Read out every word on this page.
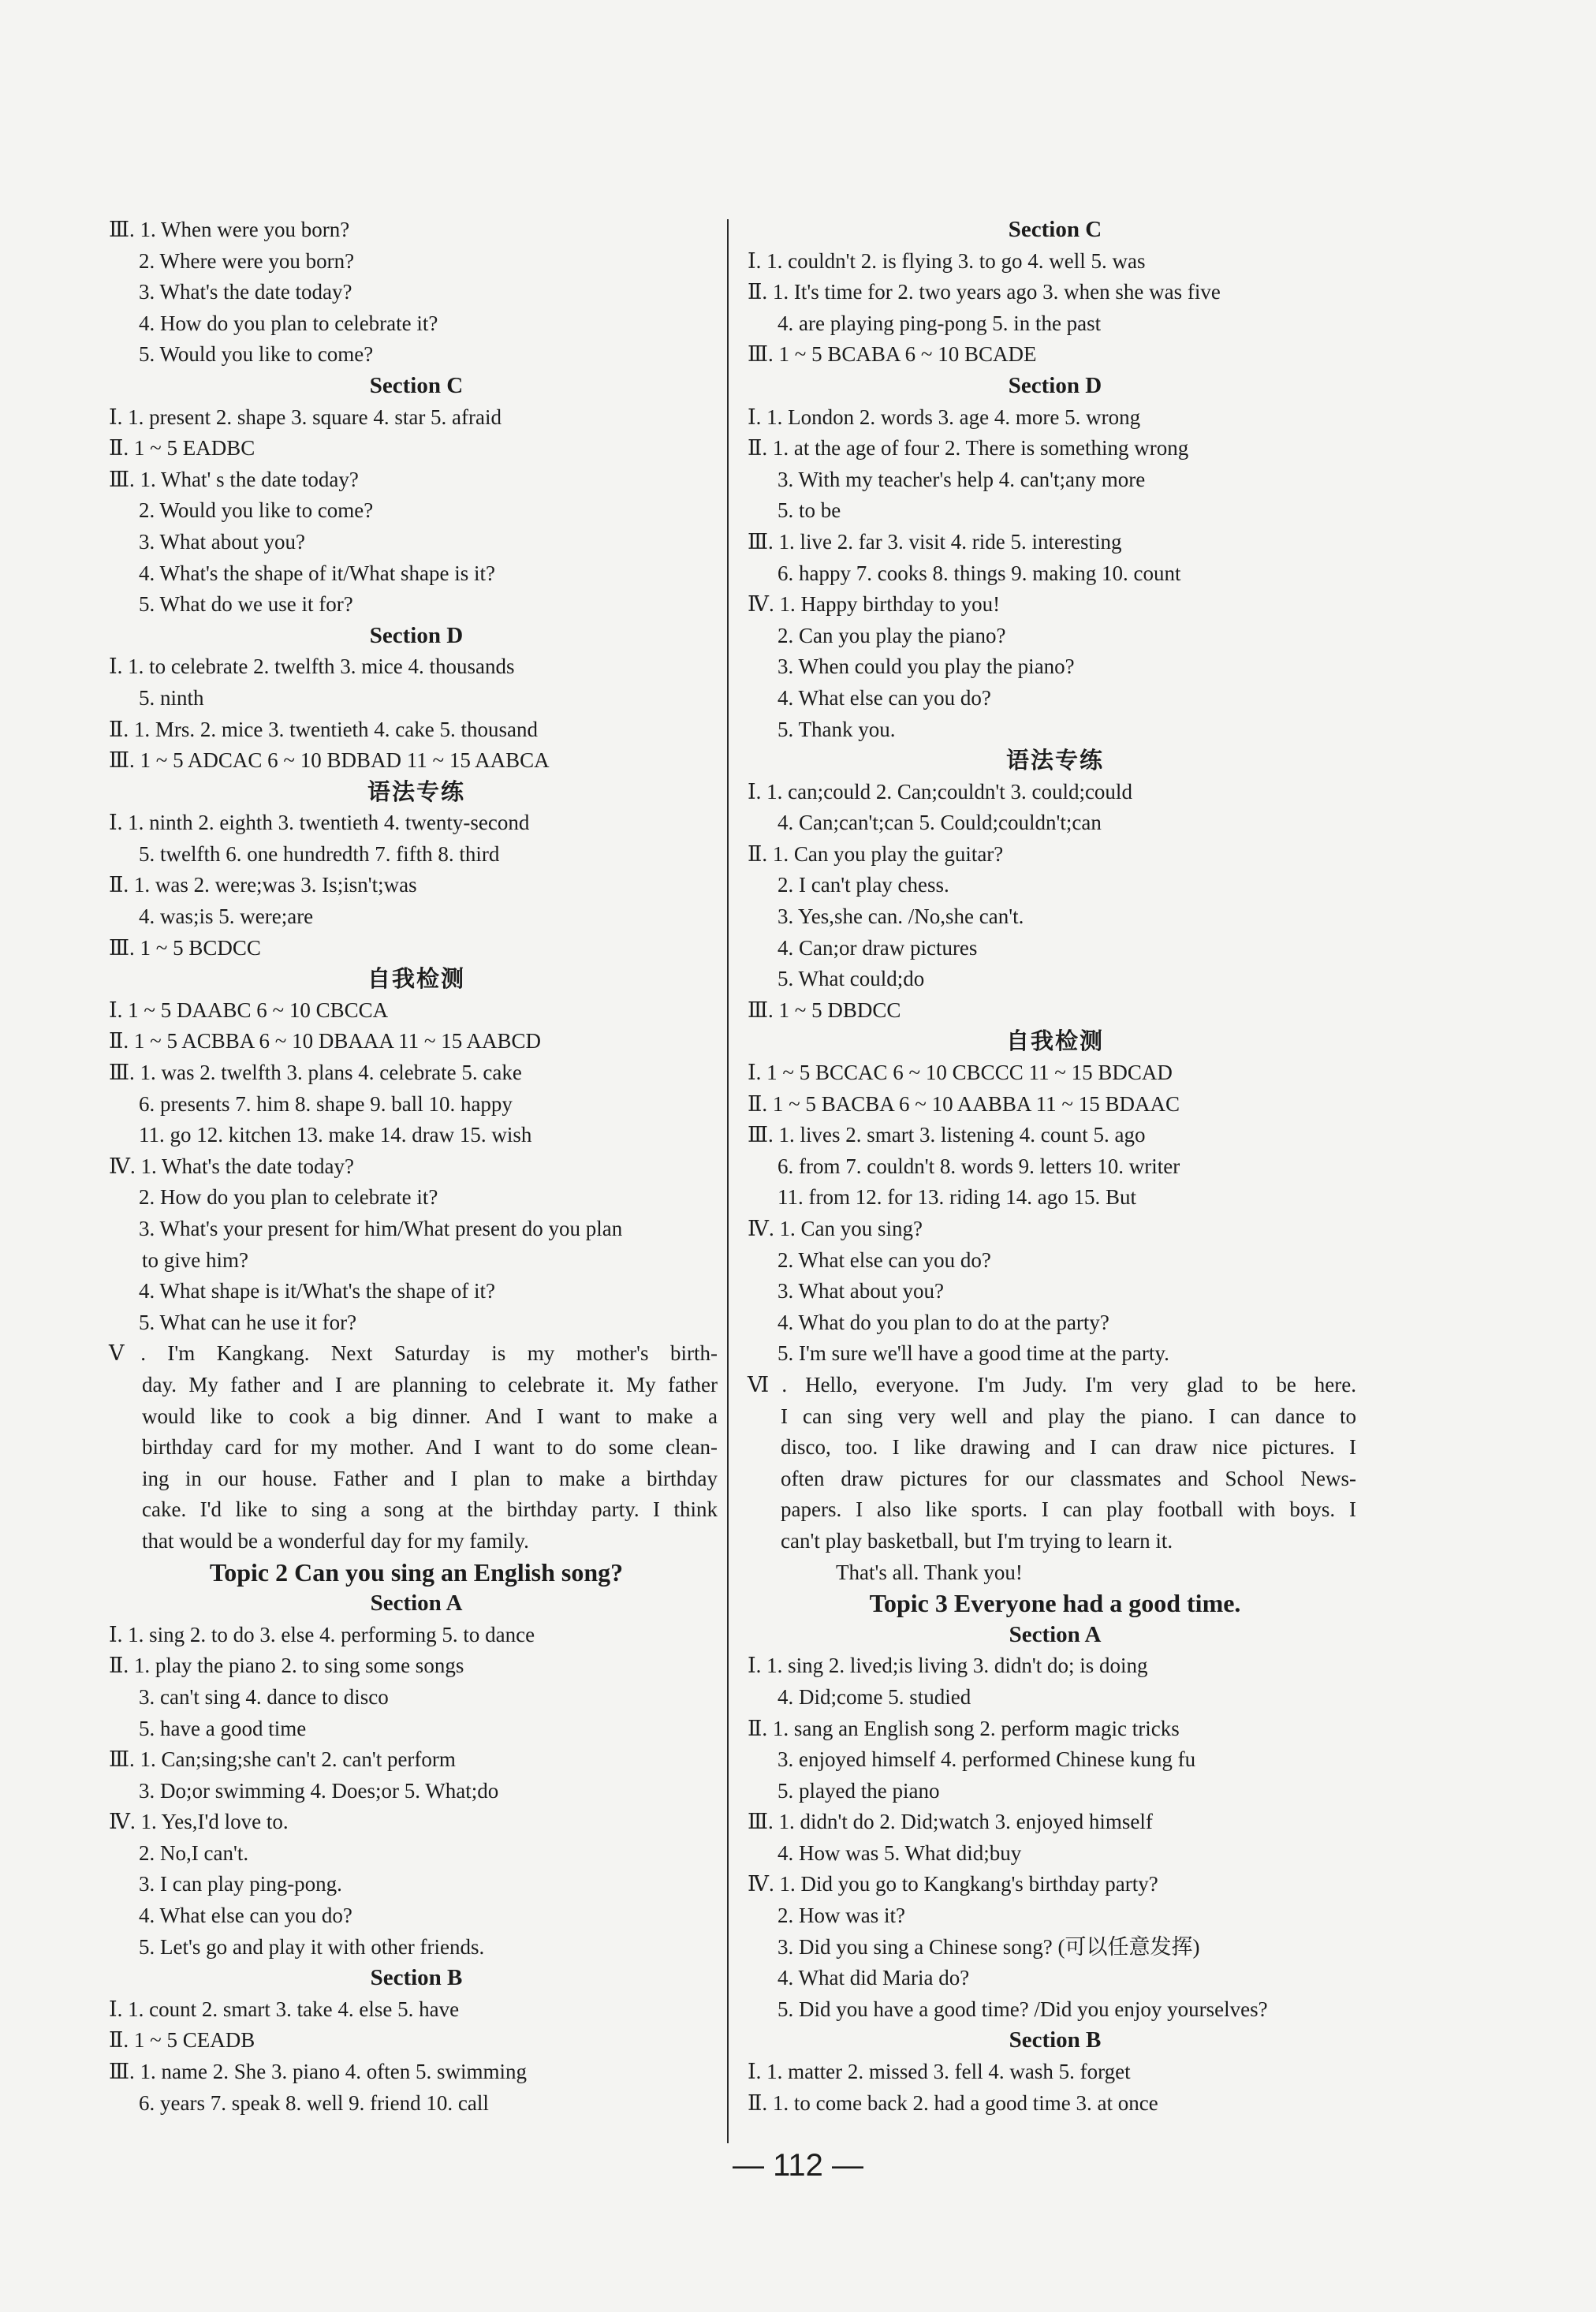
Ⅲ. 1. When were you born?
2. Where were you born?
3. What's the date today?
4. How do you plan to celebrate it?
5. Would you like to come?
Section C
Ⅰ. 1. present 2. shape 3. square 4. star 5. afraid
Ⅱ. 1 ~ 5 EADBC
Ⅲ. 1. What' s the date today?
2. Would you like to come?
3. What about you?
4. What's the shape of it/What shape is it?
5. What do we use it for?
Section D
Ⅰ. 1. to celebrate 2. twelfth 3. mice 4. thousands
5. ninth
Ⅱ. 1. Mrs. 2. mice 3. twentieth 4. cake 5. thousand
Ⅲ. 1 ~ 5 ADCAC 6 ~ 10 BDBAD 11 ~ 15 AABCA
语法专练
Ⅰ. 1. ninth 2. eighth 3. twentieth 4. twenty-second
5. twelfth 6. one hundredth 7. fifth 8. third
Ⅱ. 1. was 2. were;was 3. Is;isn't;was
4. was;is 5. were;are
Ⅲ. 1 ~ 5 BCDCC
自我检测
Ⅰ. 1 ~ 5 DAABC 6 ~ 10 CBCCA
Ⅱ. 1 ~ 5 ACBBA 6 ~ 10 DBAAA 11 ~ 15 AABCD
Ⅲ. 1. was 2. twelfth 3. plans 4. celebrate 5. cake
6. presents 7. him 8. shape 9. ball 10. happy
11. go 12. kitchen 13. make 14. draw 15. wish
Ⅳ. 1. What's the date today?
2. How do you plan to celebrate it?
3. What's your present for him/What present do you plan
to give him?
4. What shape is it/What's the shape of it?
5. What can he use it for?
Ⅴ. I'm Kangkang. Next Saturday is my mother's birth-
day. My father and I are planning to celebrate it. My father
would like to cook a big dinner. And I want to make a
birthday card for my mother. And I want to do some clean-
ing in our house. Father and I plan to make a birthday
cake. I'd like to sing a song at the birthday party. I think
that would be a wonderful day for my family.
Topic 2 Can you sing an English song?
Section A
Ⅰ. 1. sing 2. to do 3. else 4. performing 5. to dance
Ⅱ. 1. play the piano 2. to sing some songs
3. can't sing 4. dance to disco
5. have a good time
Ⅲ. 1. Can;sing;she can't 2. can't perform
3. Do;or swimming 4. Does;or 5. What;do
Ⅳ. 1. Yes,I'd love to.
2. No,I can't.
3. I can play ping-pong.
4. What else can you do?
5. Let's go and play it with other friends.
Section B
Ⅰ. 1. count 2. smart 3. take 4. else 5. have
Ⅱ. 1 ~ 5 CEADB
Ⅲ. 1. name 2. She 3. piano 4. often 5. swimming
6. years 7. speak 8. well 9. friend 10. call
Section C
Ⅰ. 1. couldn't 2. is flying 3. to go 4. well 5. was
Ⅱ. 1. It's time for 2. two years ago 3. when she was five
4. are playing ping-pong 5. in the past
Ⅲ. 1 ~ 5 BCABA 6 ~ 10 BCADE
Section D
Ⅰ. 1. London 2. words 3. age 4. more 5. wrong
Ⅱ. 1. at the age of four 2. There is something wrong
3. With my teacher's help 4. can't;any more
5. to be
Ⅲ. 1. live 2. far 3. visit 4. ride 5. interesting
6. happy 7. cooks 8. things 9. making 10. count
Ⅳ. 1. Happy birthday to you!
2. Can you play the piano?
3. When could you play the piano?
4. What else can you do?
5. Thank you.
语法专练
Ⅰ. 1. can;could 2. Can;couldn't 3. could;could
4. Can;can't;can 5. Could;couldn't;can
Ⅱ. 1. Can you play the guitar?
2. I can't play chess.
3. Yes,she can. /No,she can't.
4. Can;or draw pictures
5. What could;do
Ⅲ. 1 ~ 5 DBDCC
自我检测
Ⅰ. 1 ~ 5 BCCAC 6 ~ 10 CBCCC 11 ~ 15 BDCAD
Ⅱ. 1 ~ 5 BACBA 6 ~ 10 AABBA 11 ~ 15 BDAAC
Ⅲ. 1. lives 2. smart 3. listening 4. count 5. ago
6. from 7. couldn't 8. words 9. letters 10. writer
11. from 12. for 13. riding 14. ago 15. But
Ⅳ. 1. Can you sing?
2. What else can you do?
3. What about you?
4. What do you plan to do at the party?
5. I'm sure we'll have a good time at the party.
Ⅵ. Hello, everyone. I'm Judy. I'm very glad to be here.
I can sing very well and play the piano. I can dance to
disco, too. I like drawing and I can draw nice pictures. I
often draw pictures for our classmates and School News-
papers. I also like sports. I can play football with boys. I
can't play basketball, but I'm trying to learn it.
That's all. Thank you!
Topic 3 Everyone had a good time.
Section A
Ⅰ. 1. sing 2. lived;is living 3. didn't do; is doing
4. Did;come 5. studied
Ⅱ. 1. sang an English song 2. perform magic tricks
3. enjoyed himself 4. performed Chinese kung fu
5. played the piano
Ⅲ. 1. didn't do 2. Did;watch 3. enjoyed himself
4. How was 5. What did;buy
Ⅳ. 1. Did you go to Kangkang's birthday party?
2. How was it?
3. Did you sing a Chinese song? (可以任意发挥)
4. What did Maria do?
5. Did you have a good time? /Did you enjoy yourselves?
Section B
Ⅰ. 1. matter 2. missed 3. fell 4. wash 5. forget
Ⅱ. 1. to come back 2. had a good time 3. at once
— 112 —
